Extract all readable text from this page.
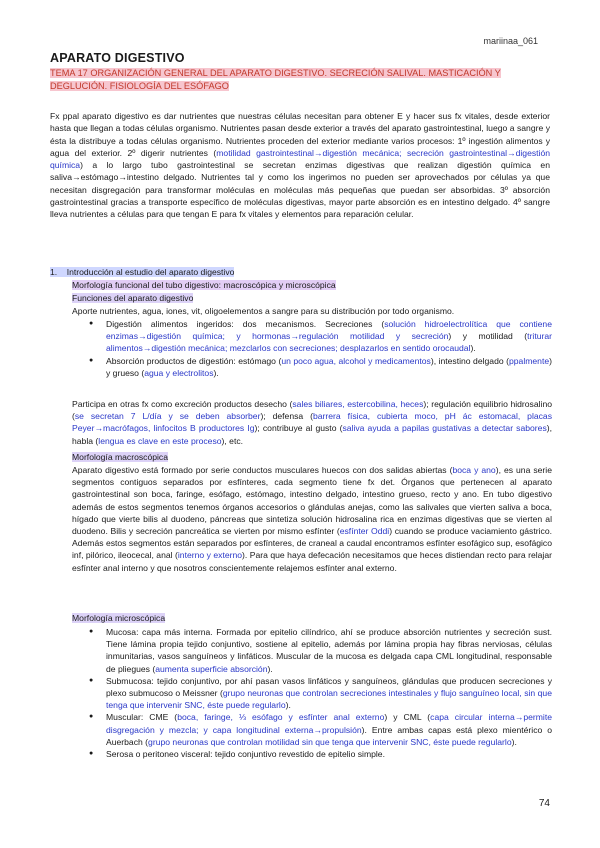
mariinaa_061
APARATO DIGESTIVO
TEMA 17 ORGANIZACIÓN GENERAL DEL APARATO DIGESTIVO. SECRECIÓN SALIVAL. MASTICACIÓN Y DEGLUCIÓN. FISIOLOGÍA DEL ESÓFAGO

Fx ppal aparato digestivo es dar nutrientes que nuestras células necesitan para obtener E y hacer sus fx vitales, desde exterior hasta que llegan a todas células organismo. Nutrientes pasan desde exterior a través del aparato gastrointestinal, luego a sangre y ésta la distribuye a todas células organismo. Nutrientes proceden del exterior mediante varios procesos: 1º ingestión alimentos y agua del exterior. 2º digerir nutrientes (motilidad gastrointestinal→digestión mecánica; secreción gastrointestinal→digestión química) a lo largo tubo gastrointestinal se secretan enzimas digestivas que realizan digestión química en saliva→estómago→intestino delgado. Nutrientes tal y como los ingerimos no pueden ser aprovechados por células ya que necesitan disgregación para transformar moléculas en moléculas más pequeñas que puedan ser absorbidas. 3º absorción gastrointestinal gracias a transporte específico de moléculas digestivas, mayor parte absorción es en intestino delgado. 4º sangre lleva nutrientes a células para que tengan E para fx vitales y elementos para reparación celular.

1. Introducción al estudio del aparato digestivo
Morfología funcional del tubo digestivo: macroscópica y microscópica
Funciones del aparato digestivo

Aporte nutrientes, agua, iones, vit, oligoelementos a sangre para su distribución por todo organismo.

● Digestión alimentos ingeridos: dos mecanismos. Secreciones (solución hidroelectrolítica que contiene enzimas→digestión química; y hormonas→regulación motilidad y secreción) y motilidad (triturar alimentos→digestión mecánica; mezclarlos con secreciones; desplazarlos en sentido orocaudal).
● Absorción productos de digestión: estómago (un poco agua, alcohol y medicamentos), intestino delgado (ppalmente) y grueso (agua y electrolitos).

Participa en otras fx como excreción productos desecho (sales biliares, estercobilina, heces); regulación equilibrio hidrosalino (se secretan 7 L/día y se deben absorber); defensa (barrera física, cubierta moco, pH ác estomacal, placas Peyer→macrófagos, linfocitos B productores Ig); contribuye al gusto (saliva ayuda a papilas gustativas a detectar sabores), habla (lengua es clave en este proceso), etc.

Morfología macroscópica

Aparato digestivo está formado por serie conductos musculares huecos con dos salidas abiertas (boca y ano), es una serie segmentos contiguos separados por esfínteres, cada segmento tiene fx det. Órganos que pertenecen al aparato gastrointestinal son boca, faringe, esófago, estómago, intestino delgado, intestino grueso, recto y ano. En tubo digestivo además de estos segmentos tenemos órganos accesorios o glándulas anejas, como las salivales que vierten saliva a boca, hígado que vierte bilis al duodeno, páncreas que sintetiza solución hidrosalina rica en enzimas digestivas que se vierten al duodeno. Bilis y secreción pancreática se vierten por mismo esfínter (esfínter Oddi) cuando se produce vaciamiento gástrico. Además estos segmentos están separados por esfínteres, de craneal a caudal encontramos esfínter esofágico sup, esofágico inf, pilórico, ileocecal, anal (interno y externo). Para que haya defecación necesitamos que heces distiendan recto para relajar esfínter anal interno y que nosotros conscientemente relajemos esfínter anal externo.

Morfología microscópica
● Mucosa: capa más interna. Formada por epitelio cilíndrico, ahí se produce absorción nutrientes y secreción sust. Tiene lámina propia tejido conjuntivo, sostiene al epitelio, además por lámina propia hay fibras nerviosas, células inmunitarias, vasos sanguíneos y linfáticos. Muscular de la mucosa es delgada capa CML longitudinal, responsable de pliegues (aumenta superficie absorción).
● Submucosa: tejido conjuntivo, por ahí pasan vasos linfáticos y sanguíneos, glándulas que producen secreciones y plexo submucoso o Meissner (grupo neuronas que controlan secreciones intestinales y flujo sanguíneo local, sin que tenga que intervenir SNC, éste puede regularlo).
● Muscular: CME (boca, faringe, ⅓ esófago y esfínter anal externo) y CML (capa circular interna→permite disgregación y mezcla; y capa longitudinal externa→propulsión). Entre ambas capas está plexo mientérico o Auerbach (grupo neuronas que controlan motilidad sin que tenga que intervenir SNC, éste puede regularlo).
● Serosa o peritoneo visceral: tejido conjuntivo revestido de epitelio simple.
74
